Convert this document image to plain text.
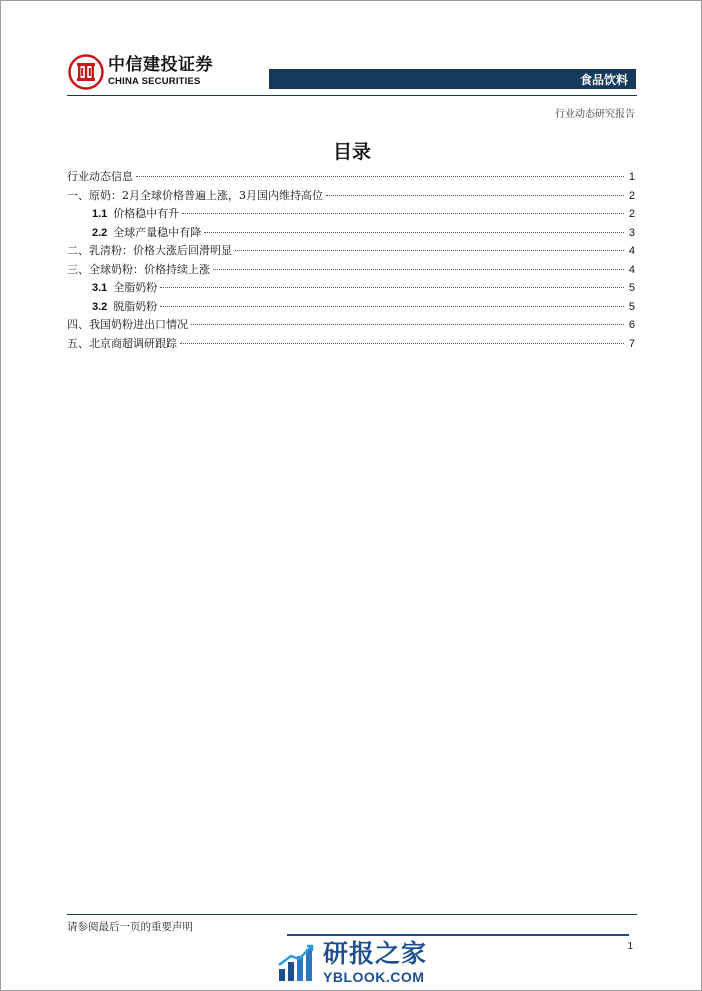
中信建投证券
CHINA SECURITIES	食品饮料
行业动态研究报告
目录
行业动态信息	1
一、原奶：2月全球价格普遍上涨，3月国内维持高位	2
1.1 价格稳中有升	2
2.2 全球产量稳中有降	3
二、乳清粉：价格大涨后回滑明显	4
三、全球奶粉：价格持续上涨	4
3.1 全脂奶粉	5
3.2 脱脂奶粉	5
四、我国奶粉进出口情况	6
五、北京商超调研跟踪	7
请参阅最后一页的重要声明
1
研报之家
YBLOOK.COM
